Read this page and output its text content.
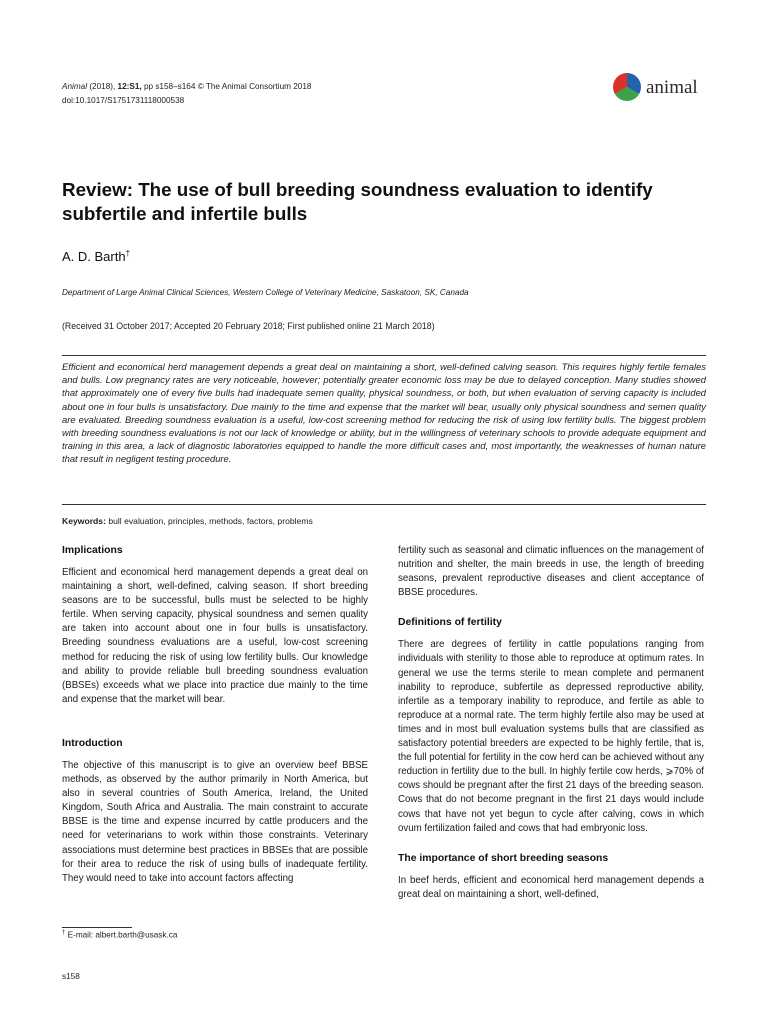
Animal (2018), 12:S1, pp s158–s164 © The Animal Consortium 2018
doi:10.1017/S1751731118000538
animal
Review: The use of bull breeding soundness evaluation to identify subfertile and infertile bulls
A. D. Barth†
Department of Large Animal Clinical Sciences, Western College of Veterinary Medicine, Saskatoon, SK, Canada
(Received 31 October 2017; Accepted 20 February 2018; First published online 21 March 2018)

Efficient and economical herd management depends a great deal on maintaining a short, well-defined calving season. This requires highly fertile females and bulls. Low pregnancy rates are very noticeable, however; potentially greater economic loss may be due to delayed conception. Many studies showed that approximately one of every five bulls had inadequate semen quality, physical soundness, or both, but when evaluation of serving capacity is included about one in four bulls is unsatisfactory. Due mainly to the time and expense that the market will bear, usually only physical soundness and semen quality are evaluated. Breeding soundness evaluation is a useful, low-cost screening method for reducing the risk of using low fertility bulls. The biggest problem with breeding soundness evaluations is not our lack of knowledge or ability, but in the willingness of veterinary schools to provide adequate equipment and training in this area, a lack of diagnostic laboratories equipped to handle the more difficult cases and, most importantly, the weaknesses of human nature that result in negligent testing procedure.

Keywords: bull evaluation, principles, methods, factors, problems
Implications

Efficient and economical herd management depends a great deal on maintaining a short, well-defined, calving season. If short breeding seasons are to be successful, bulls must be selected to be highly fertile. When serving capacity, physical soundness and semen quality are taken into account about one in four bulls is unsatisfactory. Breeding soundness evaluations are a useful, low-cost screening method for reducing the risk of using low fertility bulls. Our knowledge and ability to provide reliable bull breeding soundness evaluation (BBSEs) exceeds what we place into practice due mainly to the time and expense that the market will bear.

Introduction

The objective of this manuscript is to give an overview beef BBSE methods, as observed by the author primarily in North America, but also in several countries of South America, Ireland, the United Kingdom, South Africa and Australia. The main constraint to accurate BBSE is the time and expense incurred by cattle producers and the need for veterinarians to work within those constraints. Veterinary associations must determine best practices in BBSEs that are possible for their area to reduce the risk of using bulls of inadequate fertility. They would need to take into account factors affecting

fertility such as seasonal and climatic influences on the management of nutrition and shelter, the main breeds in use, the length of breeding seasons, prevalent reproductive diseases and client acceptance of BBSE procedures.

Definitions of fertility

There are degrees of fertility in cattle populations ranging from individuals with sterility to those able to reproduce at optimum rates. In general we use the terms sterile to mean complete and permanent inability to reproduce, subfertile as depressed reproductive ability, infertile as a temporary inability to reproduce, and fertile as able to reproduce at a normal rate. The term highly fertile also may be used at times and in most bull evaluation systems bulls that are classified as satisfactory potential breeders are expected to be highly fertile, that is, the full potential for fertility in the cow herd can be achieved without any reduction in fertility due to the bull. In highly fertile cow herds, ⩾70% of cows should be pregnant after the first 21 days of the breeding season. Cows that do not become pregnant in the first 21 days would include cows that have not yet begun to cycle after calving, cows in which ovum fertilization failed and cows that had embryonic loss.

The importance of short breeding seasons

In beef herds, efficient and economical herd management depends a great deal on maintaining a short, well-defined,

† E-mail: albert.barth@usask.ca
s158
